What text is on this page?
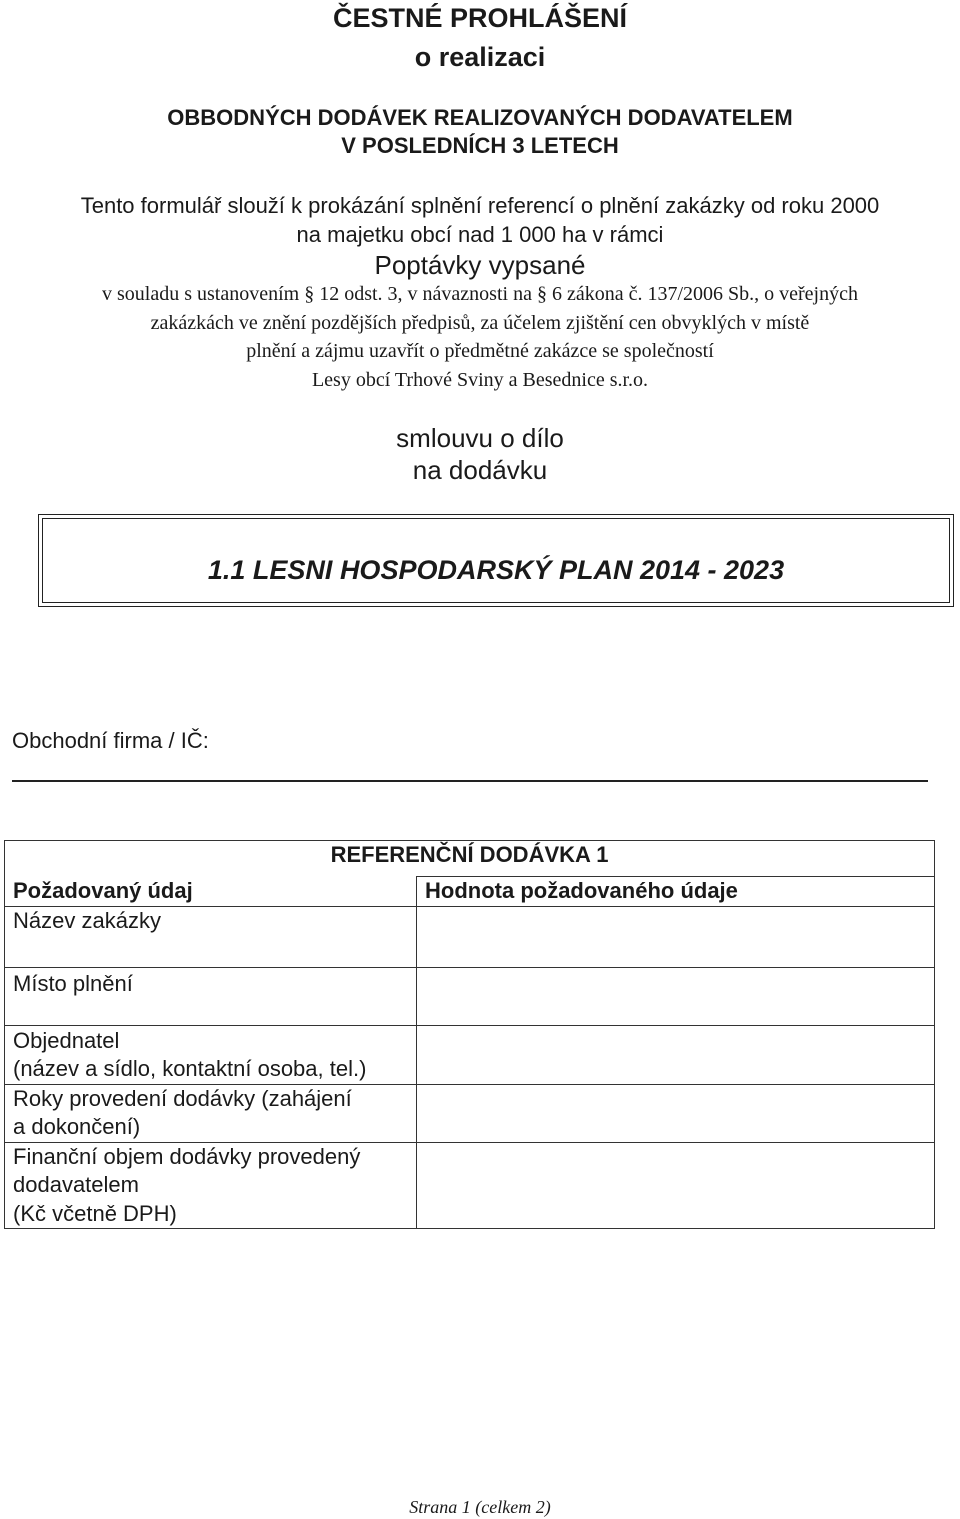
ČESTNÉ PROHLÁŠENÍ
o realizaci
OBBODNÝCH DODÁVEK REALIZOVANÝCH DODAVATELEM
V POSLEDNÍCH 3 LETECH
Tento formulář slouží k prokázání splnění referencí o plnění zakázky od roku 2000
na majetku obcí nad 1 000 ha v rámci
Poptávky vypsané
v souladu s ustanovením § 12 odst. 3, v návaznosti na § 6 zákona č. 137/2006 Sb., o veřejných
zakázkách ve znění pozdějších předpisů, za účelem zjištění cen obvyklých v místě
plnění a zájmu uzavřít o předmětné zakázce se společností
Lesy obcí Trhové Sviny a Besednice s.r.o.
smlouvu o dílo
na dodávku
1.1 LESNI HOSPODARSKÝ PLAN 2014 - 2023
Obchodní firma / IČ:
REFERENČNÍ DODÁVKA 1	
Požadovaný údaj	Hodnota požadovaného údaje

Název zakázky	

Místo plnění	

Objednatel
(název a sídlo, kontaktní osoba, tel.)	

Roky provedení dodávky (zahájení
a dokončení)	

Finanční objem dodávky provedený
dodavatelem
(Kč včetně DPH)	

Strana 1 (celkem 2)
